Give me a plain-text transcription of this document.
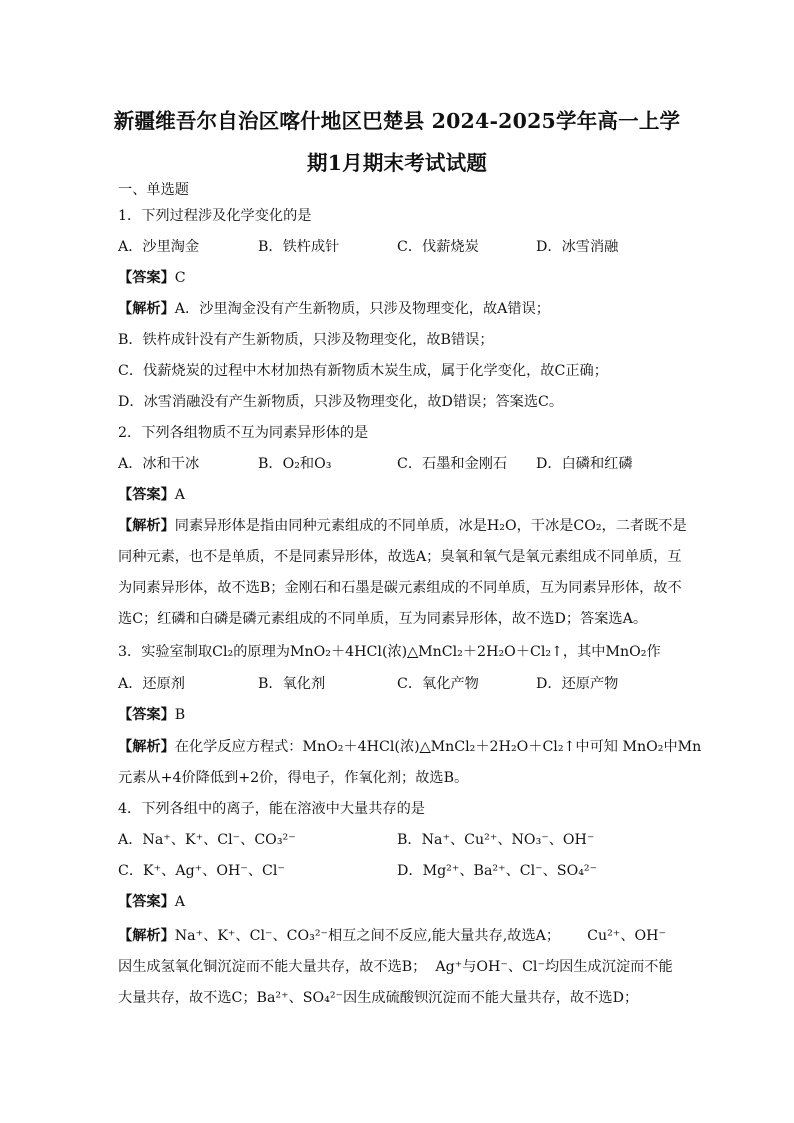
新疆维吾尔自治区喀什地区巴楚县 2024-2025学年高一上学
期1月期末考试试题
一、单选题
1．下列过程涉及化学变化的是
A．沙里淘金	B．铁杵成针	C．伐薪烧炭	D．冰雪消融
【答案】C
【解析】A．沙里淘金没有产生新物质，只涉及物理变化，故A错误；
B．铁杵成针没有产生新物质，只涉及物理变化，故B错误；
C．伐薪烧炭的过程中木材加热有新物质木炭生成，属于化学变化，故C正确；
D．冰雪消融没有产生新物质，只涉及物理变化，故D错误；答案选C。
2．下列各组物质不互为同素异形体的是
A．冰和干冰	B．O₂和O₃	C．石墨和金刚石 D．白磷和红磷
【答案】A
【解析】同素异形体是指由同种元素组成的不同单质，冰是H₂O，干冰是CO₂，二者既不是
同种元素，也不是单质，不是同素异形体，故选A；臭氧和氧气是氧元素组成不同单质，互
为同素异形体，故不选B；金刚石和石墨是碳元素组成的不同单质，互为同素异形体，故不
选C；红磷和白磷是磷元素组成的不同单质，互为同素异形体，故不选D；答案选A。
3．实验室制取Cl₂的原理为MnO₂＋4HCl(浓)△MnCl₂＋2H₂O＋Cl₂↑，其中MnO₂作
A．还原剂	B．氧化剂	C．氧化产物	D．还原产物
【答案】B
【解析】在化学反应方程式：MnO₂＋4HCl(浓)△MnCl₂＋2H₂O＋Cl₂↑中可知 MnO₂中Mn
元素从+4价降低到+2价，得电子，作氧化剂；故选B。
4．下列各组中的离子，能在溶液中大量共存的是
A．Na⁺、K⁺、Cl⁻、CO₃²⁻	B．Na⁺、Cu²⁺、NO₃⁻、OH⁻
C．K⁺、Ag⁺、OH⁻、Cl⁻	D．Mg²⁺、Ba²⁺、Cl⁻、SO₄²⁻
【答案】A
【解析】Na⁺、K⁺、Cl⁻、CO₃²⁻相互之间不反应,能大量共存,故选A；      Cu²⁺、OH⁻
因生成氢氧化铜沉淀而不能大量共存，故不选B；  Ag⁺与OH⁻、Cl⁻均因生成沉淀而不能
大量共存，故不选C；Ba²⁺、SO₄²⁻因生成硫酸钡沉淀而不能大量共存，故不选D；
